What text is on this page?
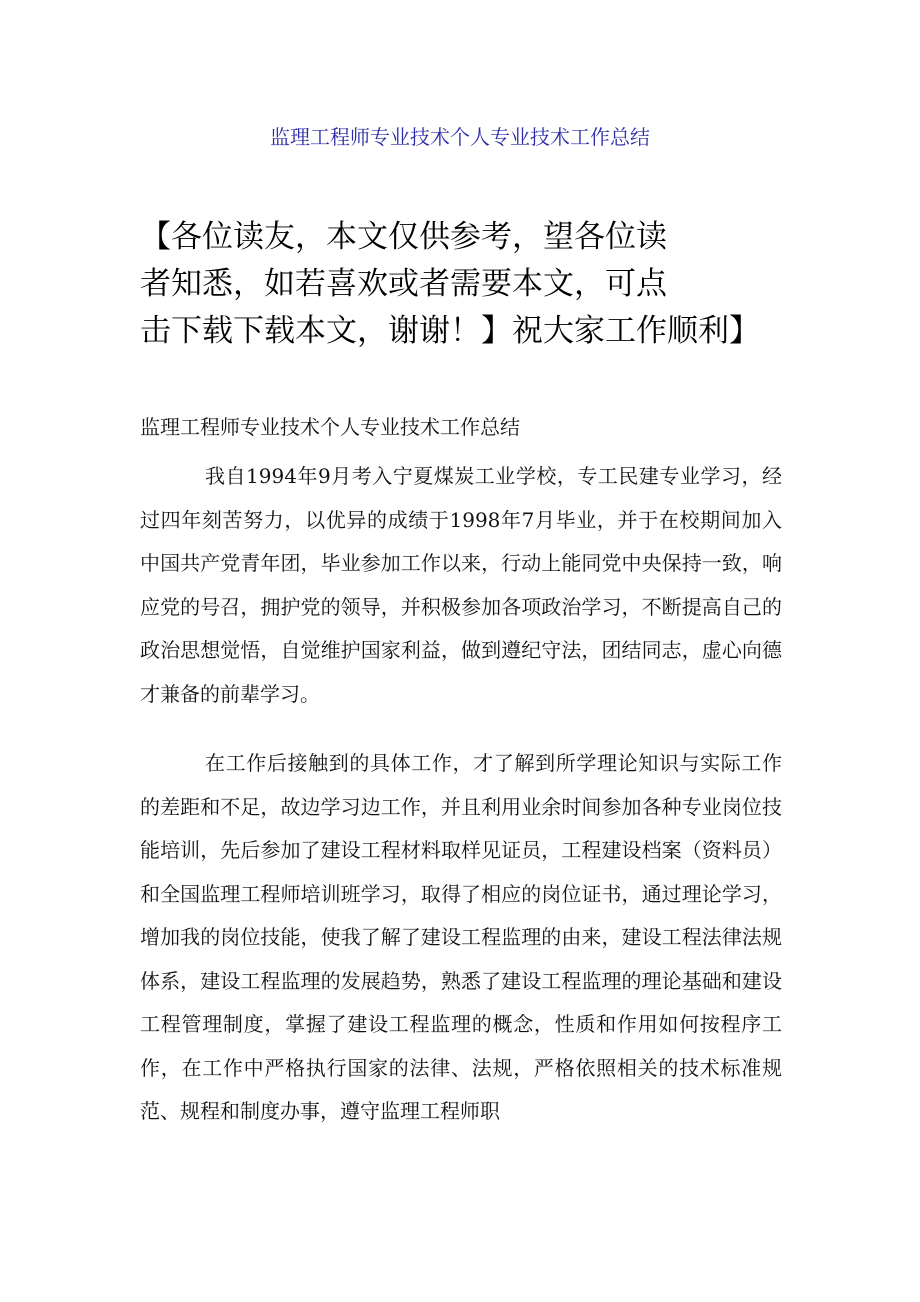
监理工程师专业技术个人专业技术工作总结
【各位读友，本文仅供参考，望各位读
者知悉，如若喜欢或者需要本文，可点
击下载下载本文，谢谢！】祝大家工作顺利】
监理工程师专业技术个人专业技术工作总结
我自1994年9月考入宁夏煤炭工业学校，专工民建专业学习，经过四年刻苦努力，以优异的成绩于1998年7月毕业，并于在校期间加入中国共产党青年团，毕业参加工作以来，行动上能同党中央保持一致，响应党的号召，拥护党的领导，并积极参加各项政治学习，不断提高自己的政治思想觉悟，自觉维护国家利益，做到遵纪守法，团结同志，虚心向德才兼备的前辈学习。
在工作后接触到的具体工作，才了解到所学理论知识与实际工作的差距和不足，故边学习边工作，并且利用业余时间参加各种专业岗位技能培训，先后参加了建设工程材料取样见证员，工程建设档案（资料员）和全国监理工程师培训班学习，取得了相应的岗位证书，通过理论学习，增加我的岗位技能，使我了解了建设工程监理的由来，建设工程法律法规体系，建设工程监理的发展趋势，熟悉了建设工程监理的理论基础和建设工程管理制度，掌握了建设工程监理的概念，性质和作用如何按程序工作，在工作中严格执行国家的法律、法规，严格依照相关的技术标准规范、规程和制度办事，遵守监理工程师职
